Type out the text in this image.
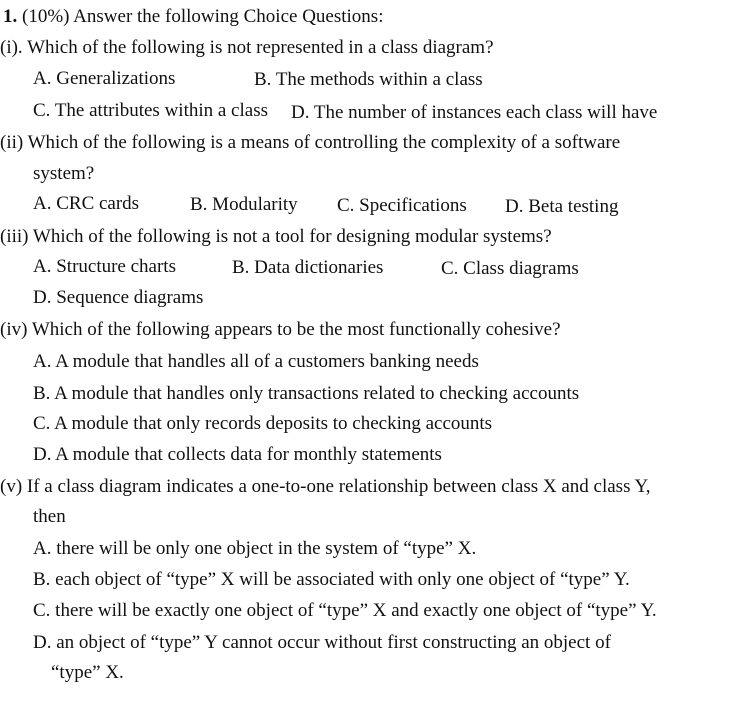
1. (10%) Answer the following Choice Questions:
(i). Which of the following is not represented in a class diagram?
A. Generalizations	B. The methods within a class
C. The attributes within a class D. The number of instances each class will have
(ii) Which of the following is a means of controlling the complexity of a software
system?
A. CRC cards	B. Modularity C. Specifications D. Beta testing
(iii) Which of the following is not a tool for designing modular systems?
A. Structure charts	B. Data dictionaries	C. Class diagrams
D. Sequence diagrams
(iv) Which of the following appears to be the most functionally cohesive?
A. A module that handles all of a customers banking needs
B. A module that handles only transactions related to checking accounts
C. A module that only records deposits to checking accounts
D. A module that collects data for monthly statements
(v) If a class diagram indicates a one-to-one relationship between class X and class Y,
then
A. there will be only one object in the system of “type” X.
B. each object of “type” X will be associated with only one object of “type” Y.
C. there will be exactly one object of “type” X and exactly one object of “type” Y.
D. an object of “type” Y cannot occur without first constructing an object of
“type” X.
